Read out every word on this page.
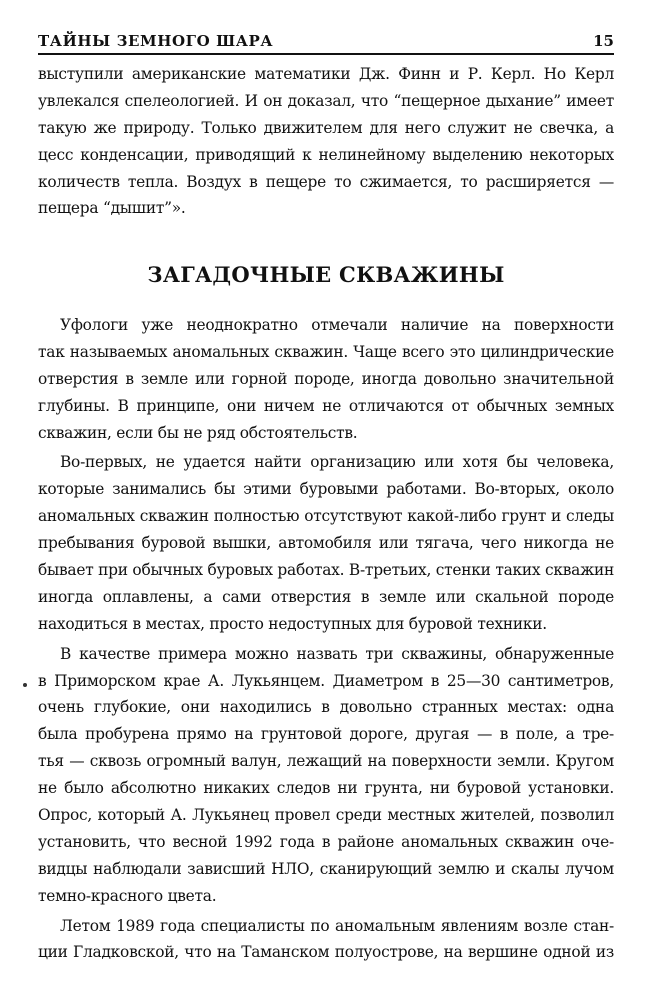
ТАЙНЫ ЗЕМНОГО ШАРА	15
выступили американские математики Дж. Финн и Р. Керл. Но Керл
увлекался спелеологией. И он доказал, что “пещерное дыхание” имеет
такую же природу. Только движителем для него служит не свечка, а
цесс конденсации, приводящий к нелинейному выделению некоторых
количеств тепла. Воздух в пещере то сжимается, то расширяется —
пещера “дышит”».
ЗАГАДОЧНЫЕ СКВАЖИНЫ
Уфологи уже неоднократно отмечали наличие на поверхности
так называемых аномальных скважин. Чаще всего это цилиндрические
отверстия в земле или горной породе, иногда довольно значительной
глубины. В принципе, они ничем не отличаются от обычных земных
скважин, если бы не ряд обстоятельств.
Во-первых, не удается найти организацию или хотя бы человека,
которые занимались бы этими буровыми работами. Во-вторых, около
аномальных скважин полностью отсутствуют какой-либо грунт и следы
пребывания буровой вышки, автомобиля или тягача, чего никогда не
бывает при обычных буровых работах. В-третьих, стенки таких скважин
иногда оплавлены, а сами отверстия в земле или скальной породе
находиться в местах, просто недоступных для буровой техники.
В качестве примера можно назвать три скважины, обнаруженные
в Приморском крае А. Лукьянцем. Диаметром в 25—30 сантиметров,
очень глубокие, они находились в довольно странных местах: одна
была пробурена прямо на грунтовой дороге, другая — в поле, а тре-
тья — сквозь огромный валун, лежащий на поверхности земли. Кругом
не было абсолютно никаких следов ни грунта, ни буровой установки.
Опрос, который А. Лукьянец провел среди местных жителей, позволил
установить, что весной 1992 года в районе аномальных скважин оче-
видцы наблюдали зависший НЛО, сканирующий землю и скалы лучом
темно-красного цвета.
Летом 1989 года специалисты по аномальным явлениям возле стан-
ции Гладковской, что на Таманском полуострове, на вершине одной из
